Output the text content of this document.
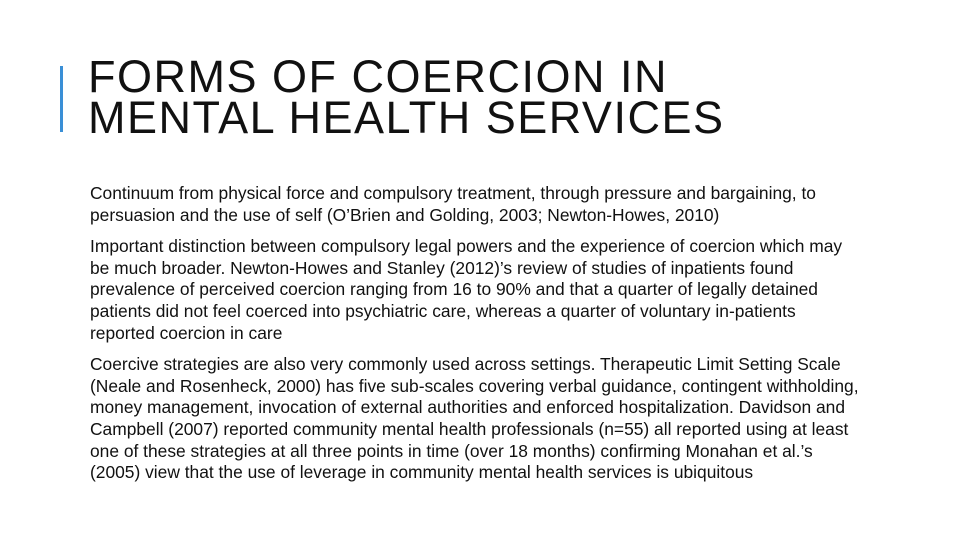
FORMS OF COERCION IN
MENTAL HEALTH SERVICES

Continuum from physical force and compulsory treatment, through pressure and bargaining, to persuasion and the use of self (O’Brien and Golding, 2003; Newton-Howes, 2010)

Important distinction between compulsory legal powers and the experience of coercion which may be much broader. Newton-Howes and Stanley (2012)’s review of studies of inpatients found prevalence of perceived coercion ranging from 16 to 90% and that a quarter of legally detained patients did not feel coerced into psychiatric care, whereas a quarter of voluntary in-patients reported coercion in care

Coercive strategies are also very commonly used across settings. Therapeutic Limit Setting Scale (Neale and Rosenheck, 2000) has five sub-scales covering verbal guidance, contingent withholding, money management, invocation of external authorities and enforced hospitalization. Davidson and Campbell (2007) reported community mental health professionals (n=55) all reported using at least one of these strategies at all three points in time (over 18 months) confirming Monahan et al.’s (2005) view that the use of leverage in community mental health services is ubiquitous
